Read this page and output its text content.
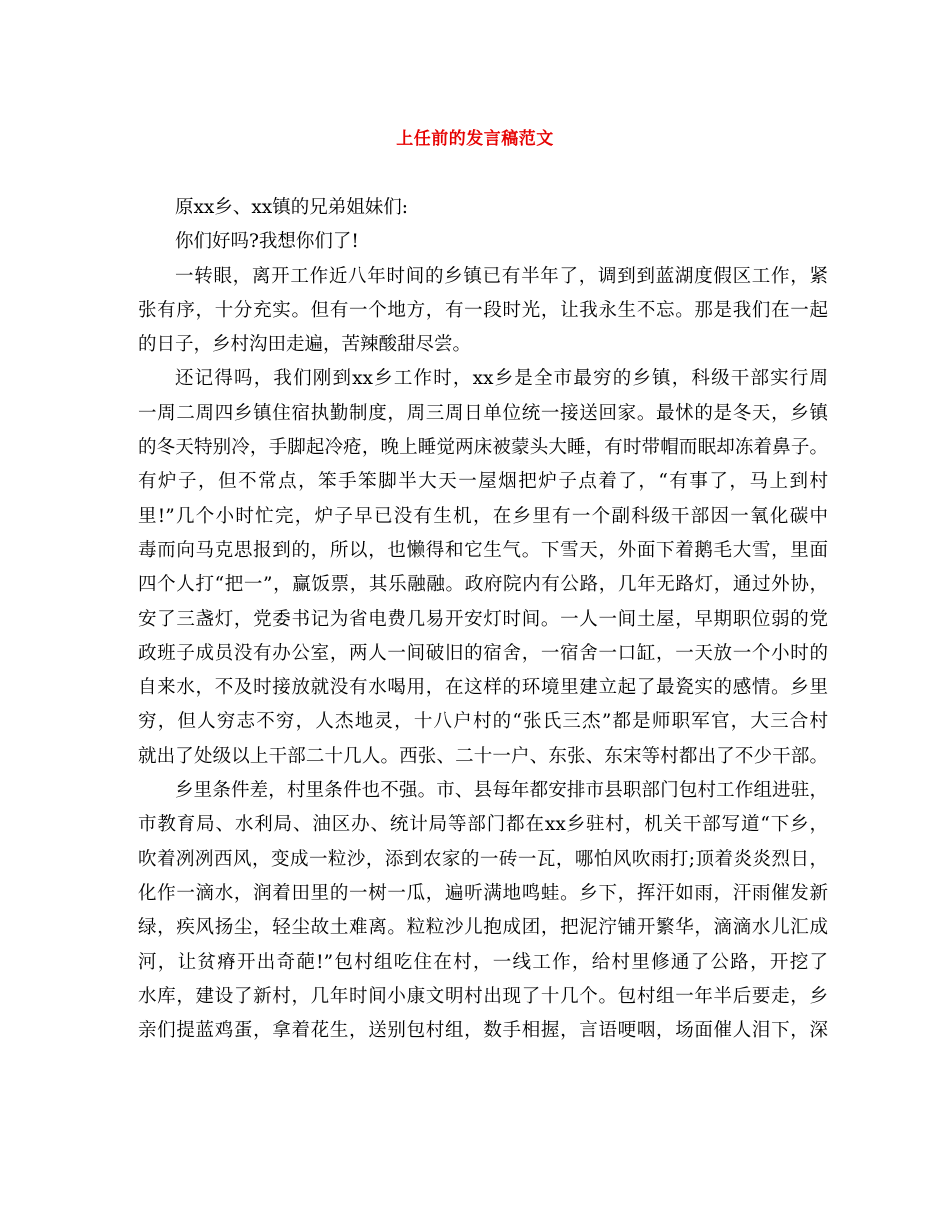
上任前的发言稿范文
原xx乡、xx镇的兄弟姐妹们:
你们好吗?我想你们了!
一转眼，离开工作近八年时间的乡镇已有半年了，调到到蓝湖度假区工作，紧
张有序，十分充实。但有一个地方，有一段时光，让我永生不忘。那是我们在一起
的日子，乡村沟田走遍，苦辣酸甜尽尝。
还记得吗，我们刚到xx乡工作时，xx乡是全市最穷的乡镇，科级干部实行周
一周二周四乡镇住宿执勤制度，周三周日单位统一接送回家。最怵的是冬天，乡镇
的冬天特别冷，手脚起冷疮，晚上睡觉两床被蒙头大睡，有时带帽而眠却冻着鼻子。
有炉子，但不常点，笨手笨脚半大天一屋烟把炉子点着了，“有事了，马上到村
里!”几个小时忙完，炉子早已没有生机，在乡里有一个副科级干部因一氧化碳中
毒而向马克思报到的，所以，也懒得和它生气。下雪天，外面下着鹅毛大雪，里面
四个人打“把一”，赢饭票，其乐融融。政府院内有公路，几年无路灯，通过外协，
安了三盏灯，党委书记为省电费几易开安灯时间。一人一间土屋，早期职位弱的党
政班子成员没有办公室，两人一间破旧的宿舍，一宿舍一口缸，一天放一个小时的
自来水，不及时接放就没有水喝用，在这样的环境里建立起了最瓷实的感情。乡里
穷，但人穷志不穷，人杰地灵，十八户村的“张氏三杰”都是师职军官，大三合村
就出了处级以上干部二十几人。西张、二十一户、东张、东宋等村都出了不少干部。
乡里条件差，村里条件也不强。市、县每年都安排市县职部门包村工作组进驻，
市教育局、水利局、油区办、统计局等部门都在xx乡驻村，机关干部写道“下乡，
吹着冽冽西风，变成一粒沙，添到农家的一砖一瓦，哪怕风吹雨打;顶着炎炎烈日，
化作一滴水，润着田里的一树一瓜，遍听满地鸣蛙。乡下，挥汗如雨，汗雨催发新
绿，疾风扬尘，轻尘故土难离。粒粒沙儿抱成团，把泥泞铺开繁华，滴滴水儿汇成
河，让贫瘠开出奇葩!”包村组吃住在村，一线工作，给村里修通了公路，开挖了
水库，建设了新村，几年时间小康文明村出现了十几个。包村组一年半后要走，乡
亲们提蓝鸡蛋，拿着花生，送别包村组，数手相握，言语哽咽，场面催人泪下，深
